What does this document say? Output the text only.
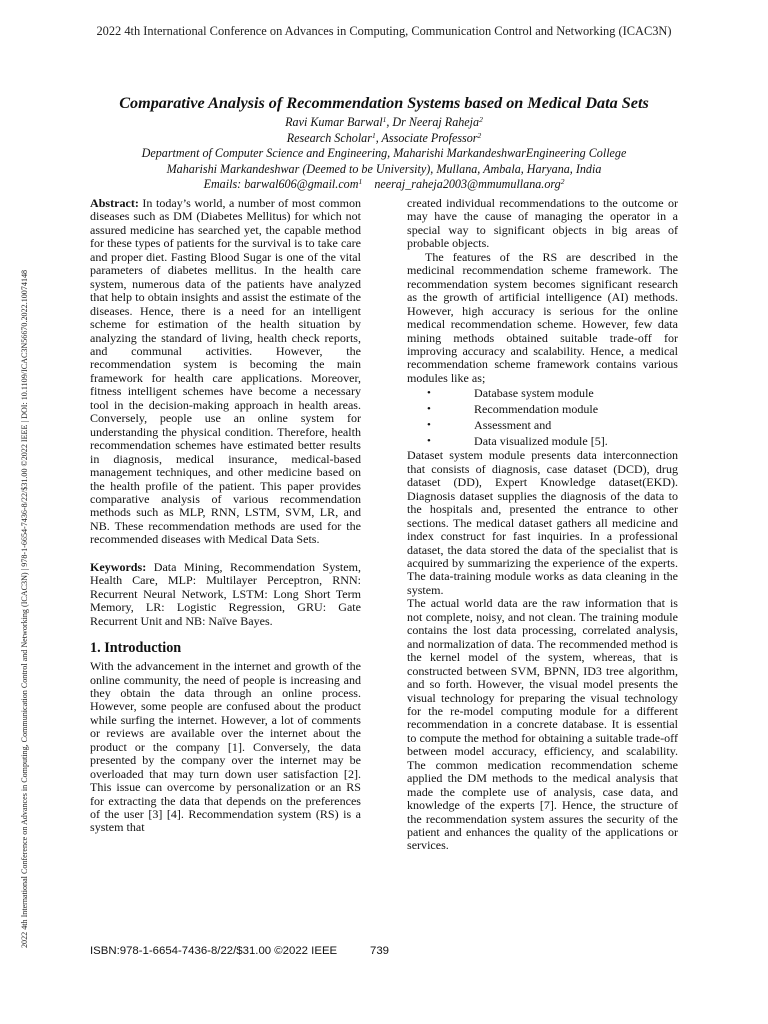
2022 4th International Conference on Advances in Computing, Communication Control and Networking (ICAC3N)
2022 4th International Conference on Advances in Computing, Communication Control and Networking (ICAC3N) | 978-1-6654-7436-8/22/$31.00 ©2022 IEEE | DOI: 10.1109/ICAC3N56670.2022.10074148
Comparative Analysis of Recommendation Systems based on Medical Data Sets
Ravi Kumar Barwal$^1$, Dr Neeraj Raheja$^2$
Research Scholar$^1$, Associate Professor$^2$
Department of Computer Science and Engineering, Maharishi MarkandeshwarEngineering College
Maharishi Markandeshwar (Deemed to be University), Mullana, Ambala, Haryana, India
Emails: barwal606@gmail.com$^1$ neeraj_raheja2003@mmumullana.org$^2$

Abstract: In today’s world, a number of most common diseases such as DM (Diabetes Mellitus) for which not assured medicine has searched yet, the capable method for these types of patients for the survival is to take care and proper diet. Fasting Blood Sugar is one of the vital parameters of diabetes mellitus. In the health care system, numerous data of the patients have analyzed that help to obtain insights and assist the estimate of the diseases. Hence, there is a need for an intelligent scheme for estimation of the health situation by analyzing the standard of living, health check reports, and communal activities. However, the recommendation system is becoming the main framework for health care applications. Moreover, fitness intelligent schemes have become a necessary tool in the decision-making approach in health areas. Conversely, people use an online system for understanding the physical condition. Therefore, health recommendation schemes have estimated better results in diagnosis, medical insurance, medical-based management techniques, and other medicine based on the health profile of the patient. This paper provides comparative analysis of various recommendation methods such as MLP, RNN, LSTM, SVM, LR, and NB. These recommendation methods are used for the recommended diseases with Medical Data Sets.

Keywords: Data Mining, Recommendation System, Health Care, MLP: Multilayer Perceptron, RNN: Recurrent Neural Network, LSTM: Long Short Term Memory, LR: Logistic Regression, GRU: Gate Recurrent Unit and NB: Naïve Bayes.

1. Introduction

With the advancement in the internet and growth of the online community, the need of people is increasing and they obtain the data through an online process. However, some people are confused about the product while surfing the internet. However, a lot of comments or reviews are available over the internet about the product or the company [1]. Conversely, the data presented by the company over the internet may be overloaded that may turn down user satisfaction [2]. This issue can overcome by personalization or an RS for extracting the data that depends on the preferences of the user [3] [4]. Recommendation system (RS) is a system that

created individual recommendations to the outcome or may have the cause of managing the operator in a special way to significant objects in big areas of probable objects.

The features of the RS are described in the medicinal recommendation scheme framework. The recommendation system becomes significant research as the growth of artificial intelligence (AI) methods. However, high accuracy is serious for the online medical recommendation scheme. However, few data mining methods obtained suitable trade-off for improving accuracy and scalability. Hence, a medical recommendation scheme framework contains various modules like as;

•	Database system module
•	Recommendation module
•	Assessment and
•	Data visualized module [5].

Dataset system module presents data interconnection that consists of diagnosis, case dataset (DCD), drug dataset (DD), Expert Knowledge dataset(EKD). Diagnosis dataset supplies the diagnosis of the data to the hospitals and, presented the entrance to other sections. The medical dataset gathers all medicine and index construct for fast inquiries. In a professional dataset, the data stored the data of the specialist that is acquired by summarizing the experience of the experts. The data-training module works as data cleaning in the system.

The actual world data are the raw information that is not complete, noisy, and not clean. The training module contains the lost data processing, correlated analysis, and normalization of data. The recommended method is the kernel model of the system, whereas, that is constructed between SVM, BPNN, ID3 tree algorithm, and so forth. However, the visual model presents the visual technology for preparing the visual technology for the re-model computing module for a different recommendation in a concrete database. It is essential to compute the method for obtaining a suitable trade-off between model accuracy, efficiency, and scalability. The common medication recommendation scheme applied the DM methods to the medical analysis that made the complete use of analysis, case data, and knowledge of the experts [7]. Hence, the structure of the recommendation system assures the security of the patient and enhances the quality of the applications or services.

ISBN:978-1-6654-7436-8/22/$31.00 ©2022 IEEE	739
